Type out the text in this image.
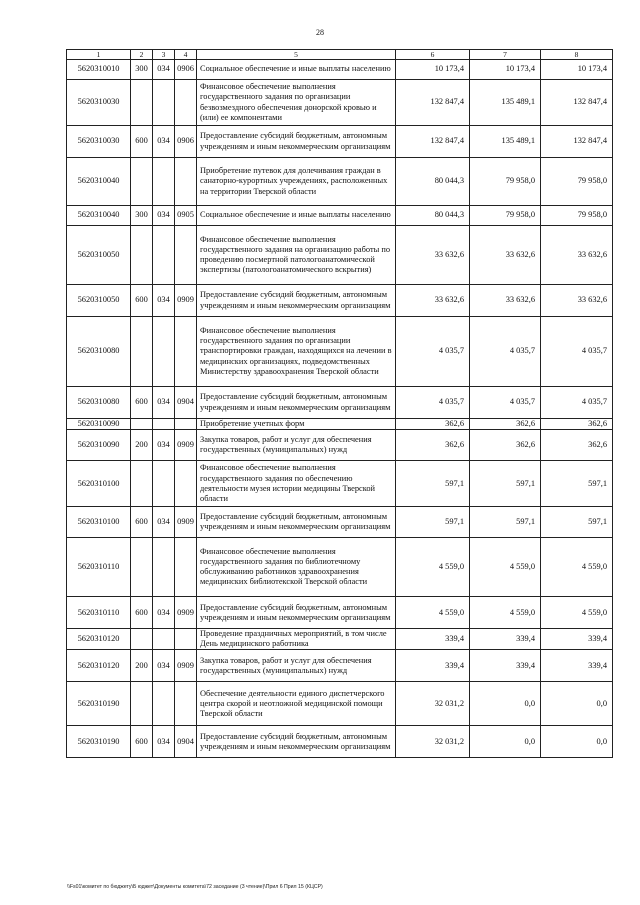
28
1	2	3	4	5	6	7	8
5620310010	300	034	0906	Социальное обеспечение и иные выплаты населению	10 173,4	10 173,4	10 173,4
5620310030				Финансовое обеспечение выполнения государственного задания по организации безвозмездного обеспечения донорской кровью и (или) ее компонентами	132 847,4	135 489,1	132 847,4
5620310030	600	034	0906	Предоставление субсидий бюджетным, автономным учреждениям и иным некоммерческим организациям	132 847,4	135 489,1	132 847,4
5620310040				Приобретение путевок для долечивания граждан в санаторно-курортных учреждениях, расположенных на территории Тверской области	80 044,3	79 958,0	79 958,0
5620310040	300	034	0905	Социальное обеспечение и иные выплаты населению	80 044,3	79 958,0	79 958,0
5620310050				Финансовое обеспечение выполнения государственного задания на организацию работы по проведению посмертной патологоанатомической экспертизы (патологоанатомического вскрытия)	33 632,6	33 632,6	33 632,6
5620310050	600	034	0909	Предоставление субсидий бюджетным, автономным учреждениям и иным некоммерческим организациям	33 632,6	33 632,6	33 632,6
5620310080				Финансовое обеспечение выполнения государственного задания по организации транспортировки граждан, находящихся на лечении в медицинских организациях, подведомственных Министерству здравоохранения Тверской области	4 035,7	4 035,7	4 035,7
5620310080	600	034	0904	Предоставление субсидий бюджетным, автономным учреждениям и иным некоммерческим организациям	4 035,7	4 035,7	4 035,7
5620310090				Приобретение учетных форм	362,6	362,6	362,6
5620310090	200	034	0909	Закупка товаров, работ и услуг для обеспечения государственных (муниципальных) нужд	362,6	362,6	362,6
5620310100				Финансовое обеспечение выполнения государственного задания по обеспечению деятельности музея истории медицины Тверской области	597,1	597,1	597,1
5620310100	600	034	0909	Предоставление субсидий бюджетным, автономным учреждениям и иным некоммерческим организациям	597,1	597,1	597,1
5620310110				Финансовое обеспечение выполнения государственного задания по библиотечному обслуживанию работников здравоохранения медицинских библиотекской Тверской области	4 559,0	4 559,0	4 559,0
5620310110	600	034	0909	Предоставление субсидий бюджетным, автономным учреждениям и иным некоммерческим организациям	4 559,0	4 559,0	4 559,0
5620310120				Проведение праздничных мероприятий, в том числе День медицинского работника	339,4	339,4	339,4
5620310120	200	034	0909	Закупка товаров, работ и услуг для обеспечения государственных (муниципальных) нужд	339,4	339,4	339,4
5620310190				Обеспечение деятельности единого диспетчерского центра скорой и неотложной медицинской помощи Тверской области	32 031,2	0,0	0,0
5620310190	600	034	0904	Предоставление субсидий бюджетным, автономным учреждениям и иным некоммерческим организациям	32 031,2	0,0	0,0
\\Fs01\комитет по бюджету\Б юджет\Документы комитета\72 заседание (3 чтение)\Прил 6 Прил 15 (КЦСР)
